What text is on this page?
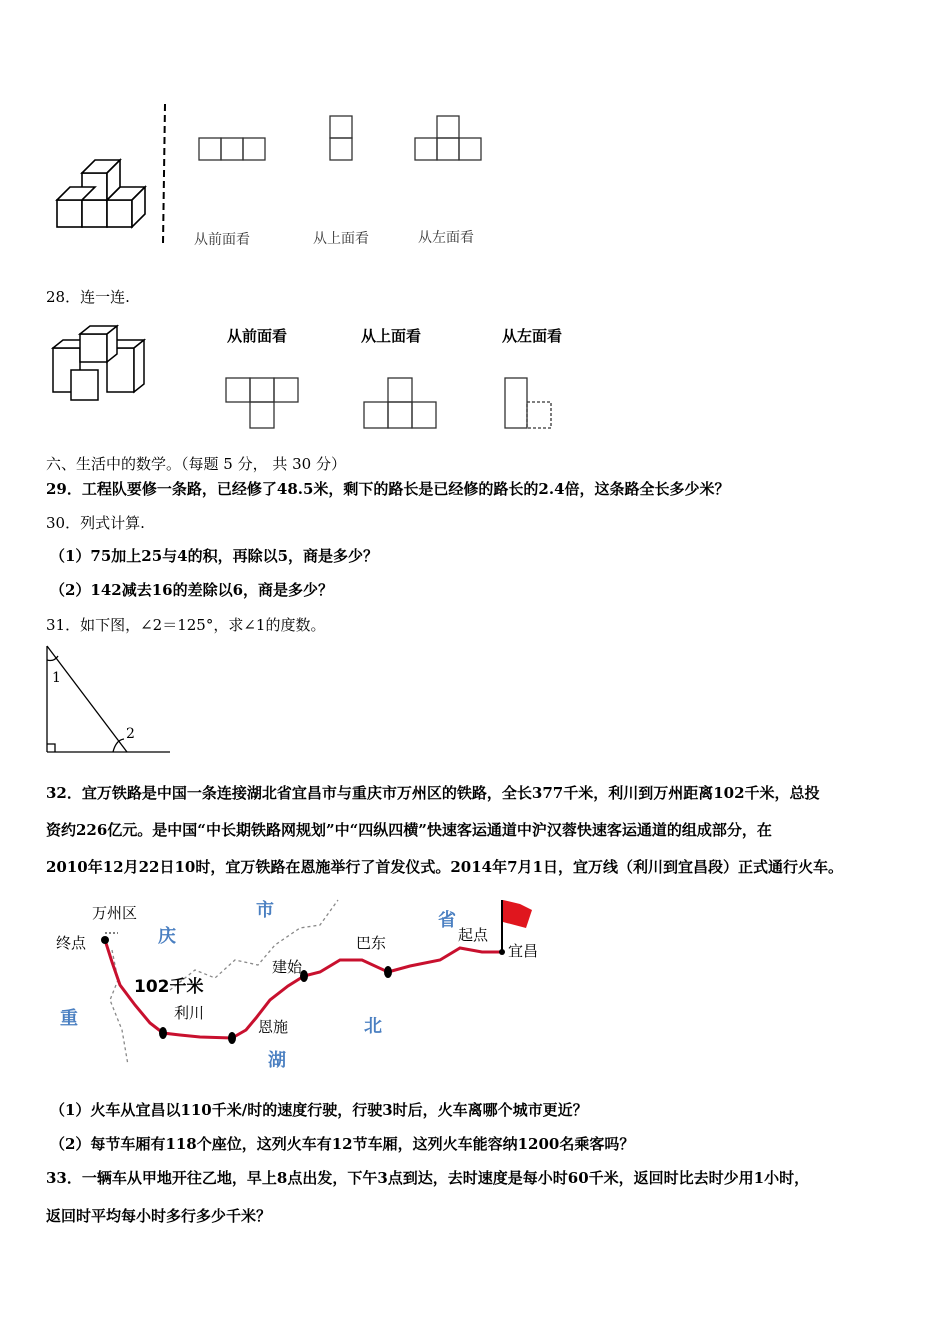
从前面看	从上面看	从左面看
28．连一连.
从前面看	从上面看	从左面看
六、生活中的数学。（每题 5 分， 共 30 分）
29．工程队要修一条路，已经修了48.5米，剩下的路长是已经修的路长的2.4倍，这条路全长多少米？
30．列式计算.
（1）75加上25与4的积，再除以5，商是多少？
（2）142减去16的差除以6，商是多少？
31．如下图，∠2＝125°，求∠1的度数。
1
2
32．宜万铁路是中国一条连接湖北省宜昌市与重庆市万州区的铁路，全长377千米，利川到万州距离102千米，总投
资约226亿元。是中国“中长期铁路网规划”中“四纵四横”快速客运通道中沪汉蓉快速客运通道的组成部分，在
2010年12月22日10时，宜万铁路在恩施举行了首发仪式。2014年7月1日，宜万线（利川到宜昌段）正式通行火车。
庆
市	省
重
湖
北
万州区
终点
102千米
利川
恩施
建始
巴东	起点
宜昌
（1）火车从宜昌以110千米/时的速度行驶，行驶3时后，火车离哪个城市更近？
（2）每节车厢有118个座位，这列火车有12节车厢，这列火车能容纳1200名乘客吗？
33．一辆车从甲地开往乙地，早上8点出发，下午3点到达，去时速度是每小时60千米，返回时比去时少用1小时，
返回时平均每小时多行多少千米？
